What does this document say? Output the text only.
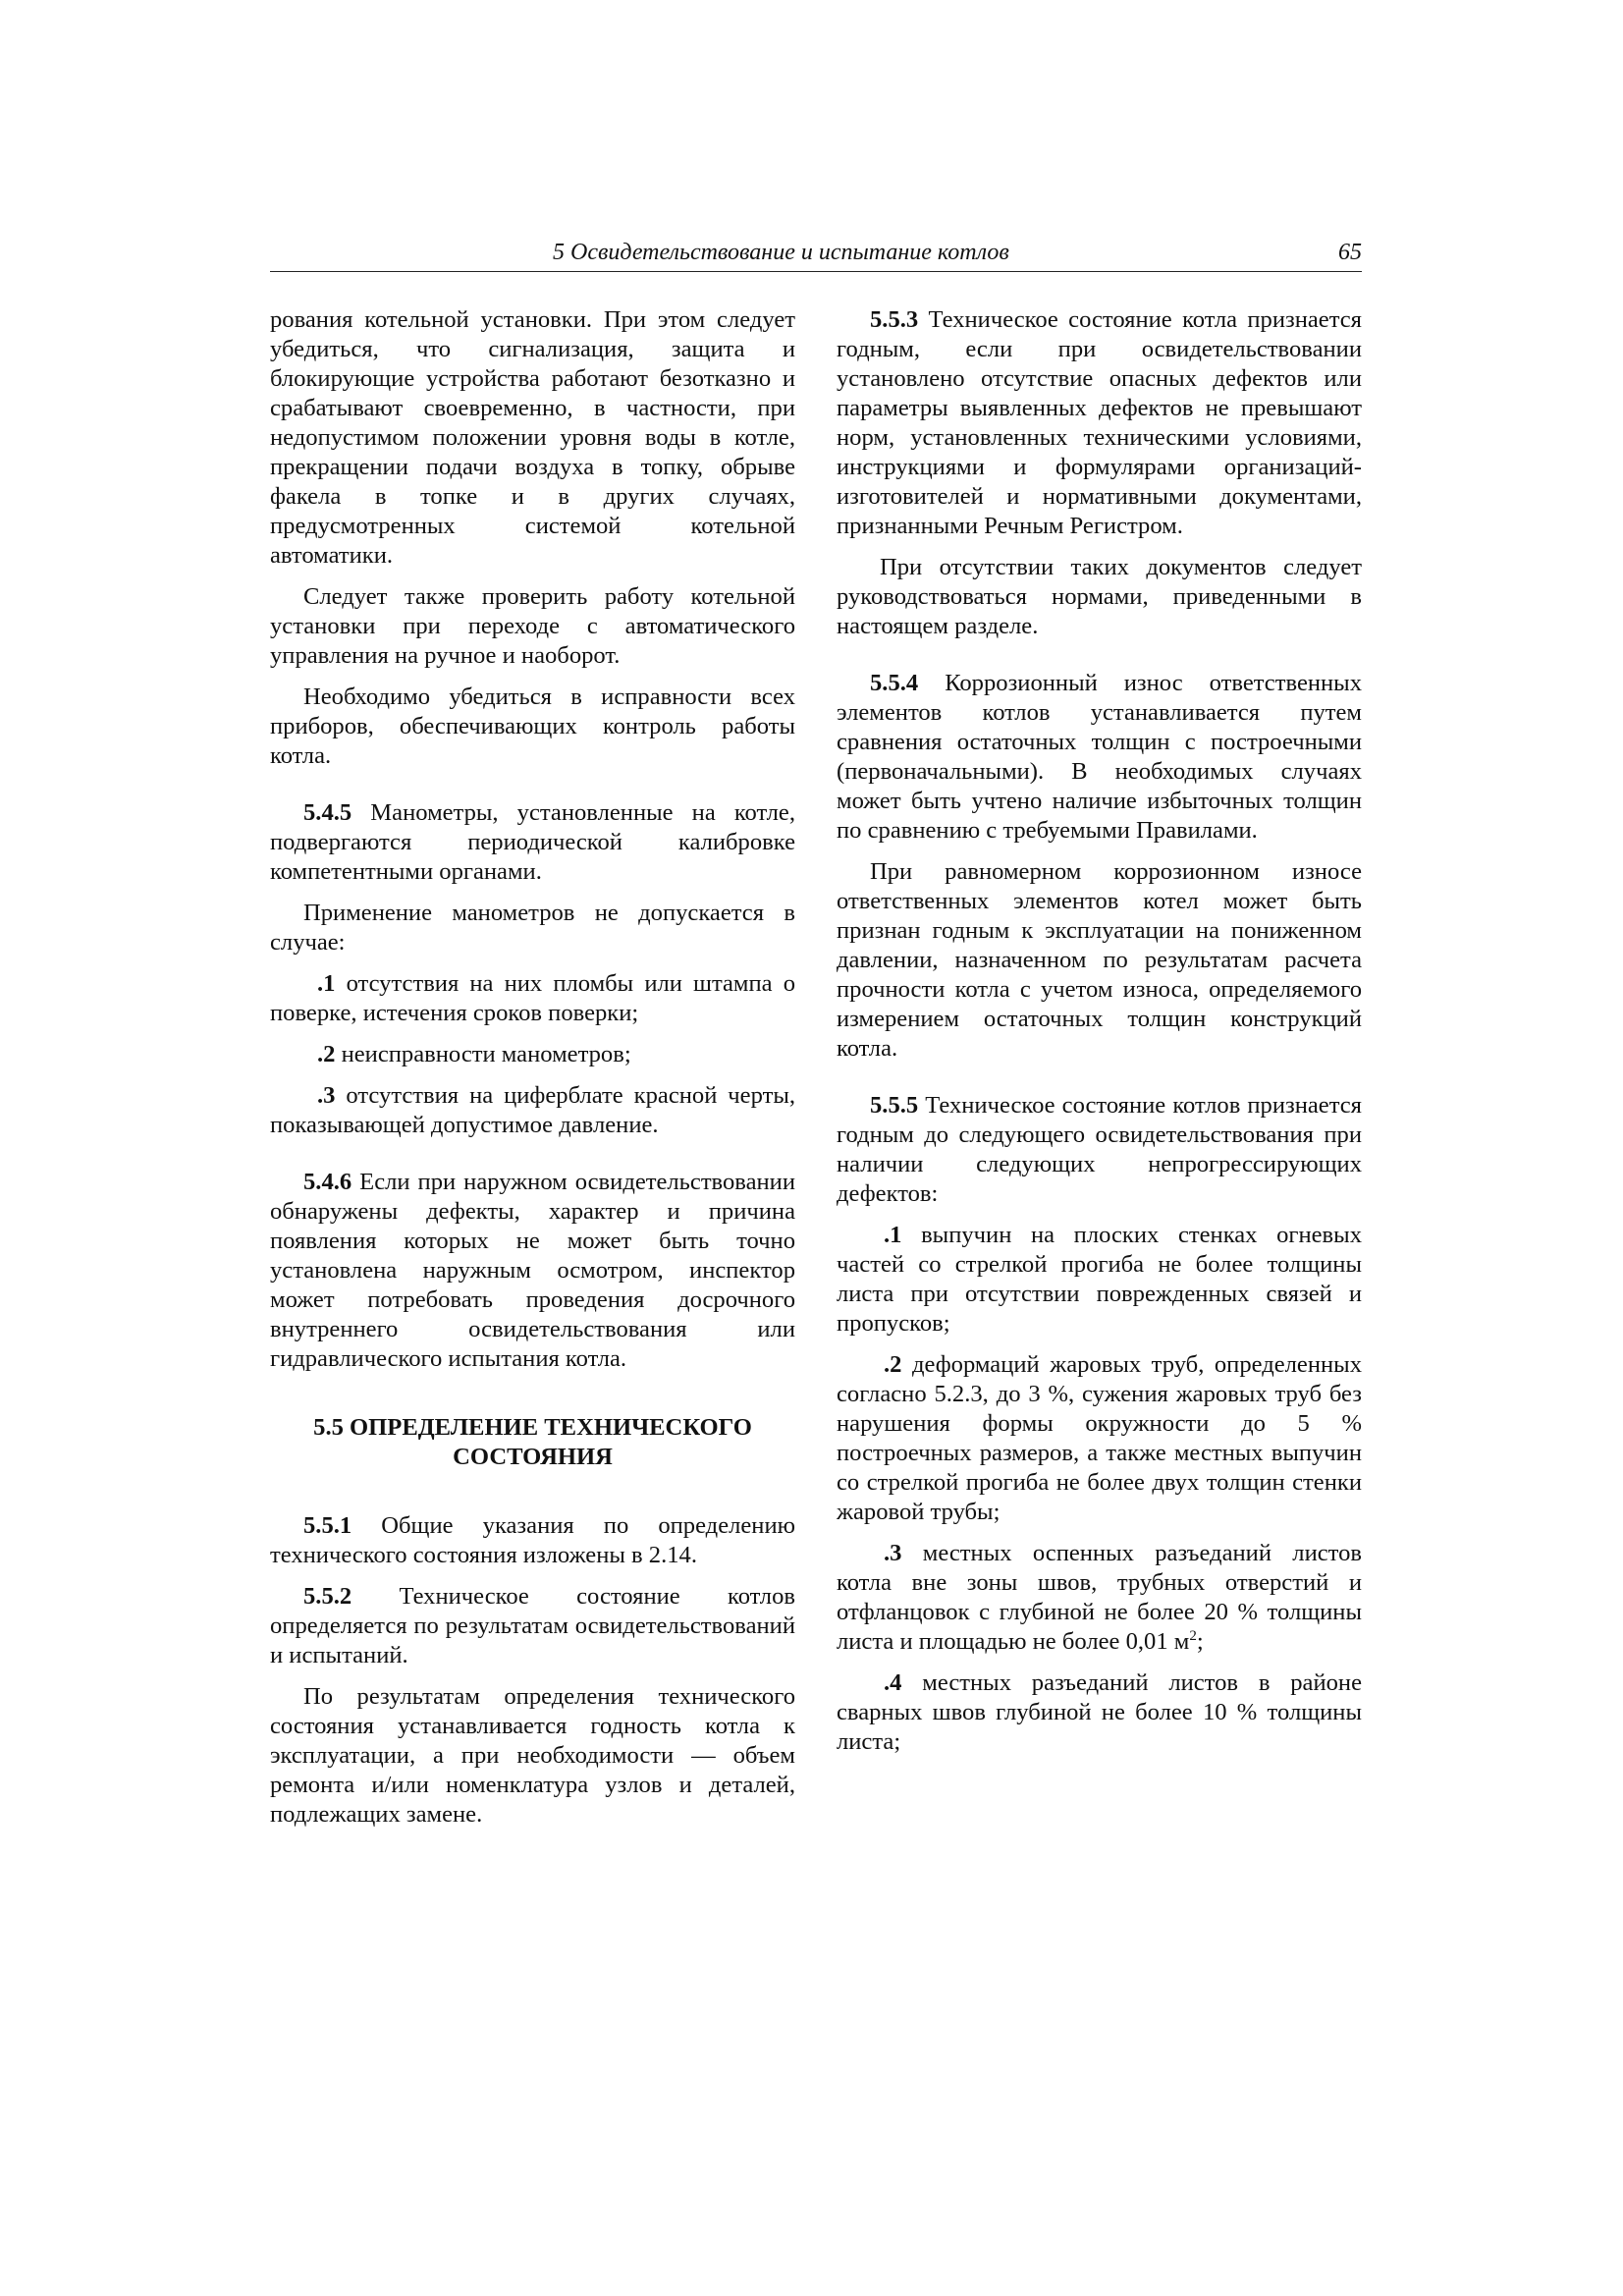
5 Освидетельствование и испытание котлов	65

рования котельной установки. При этом следует убедиться, что сигнализация, защита и блокирующие устройства работают безотказно и срабатывают своевременно, в частности, при недопустимом положении уровня воды в котле, прекращении подачи воздуха в топку, обрыве факела в топке и в других случаях, предусмотренных системой котельной автоматики.

Следует также проверить работу котельной установки при переходе с автоматического управления на ручное и наоборот.

Необходимо убедиться в исправности всех приборов, обеспечивающих контроль работы котла.

5.4.5 Манометры, установленные на котле, подвергаются периодической калибровке компетентными органами.

Применение манометров не допускается в случае:

.1 отсутствия на них пломбы или штампа о поверке, истечения сроков поверки;

.2 неисправности манометров;

.3 отсутствия на циферблате красной черты, показывающей допустимое давление.

5.4.6 Если при наружном освидетельствовании обнаружены дефекты, характер и причина появления которых не может быть точно установлена наружным осмотром, инспектор может потребовать проведения досрочного внутреннего освидетельствования или гидравлического испытания котла.

5.5 ОПРЕДЕЛЕНИЕ ТЕХНИЧЕСКОГО
СОСТОЯНИЯ

5.5.1 Общие указания по определению технического состояния изложены в 2.14.

5.5.2 Техническое состояние котлов определяется по результатам освидетельствований и испытаний.

По результатам определения технического состояния устанавливается годность котла к эксплуатации, а при необходимости — объем ремонта и/или номенклатура узлов и деталей, подлежащих замене.

5.5.3 Техническое состояние котла признается годным, если при освидетельствовании установлено отсутствие опасных дефектов или параметры выявленных дефектов не превышают норм, установленных техническими условиями, инструкциями и формулярами организаций-изготовителей и нормативными документами, признанными Речным Регистром.

При отсутствии таких документов следует руководствоваться нормами, приведенными в настоящем разделе.

5.5.4 Коррозионный износ ответственных элементов котлов устанавливается путем сравнения остаточных толщин с построечными (первоначальными). В необходимых случаях может быть учтено наличие избыточных толщин по сравнению с требуемыми Правилами.

При равномерном коррозионном износе ответственных элементов котел может быть признан годным к эксплуатации на пониженном давлении, назначенном по результатам расчета прочности котла с учетом износа, определяемого измерением остаточных толщин конструкций котла.

5.5.5 Техническое состояние котлов признается годным до следующего освидетельствования при наличии следующих непрогрессирующих дефектов:

.1 выпучин на плоских стенках огневых частей со стрелкой прогиба не более толщины листа при отсутствии поврежденных связей и пропусков;

.2 деформаций жаровых труб, определенных согласно 5.2.3, до 3 %, сужения жаровых труб без нарушения формы окружности до 5 % построечных размеров, а также местных выпучин со стрелкой прогиба не более двух толщин стенки жаровой трубы;

.3 местных оспенных разъеданий листов котла вне зоны швов, трубных отверстий и отфланцовок с глубиной не более 20 % толщины листа и площадью не более 0,01 $м^2$;

.4 местных разъеданий листов в районе сварных швов глубиной не более 10 % толщины листа;
